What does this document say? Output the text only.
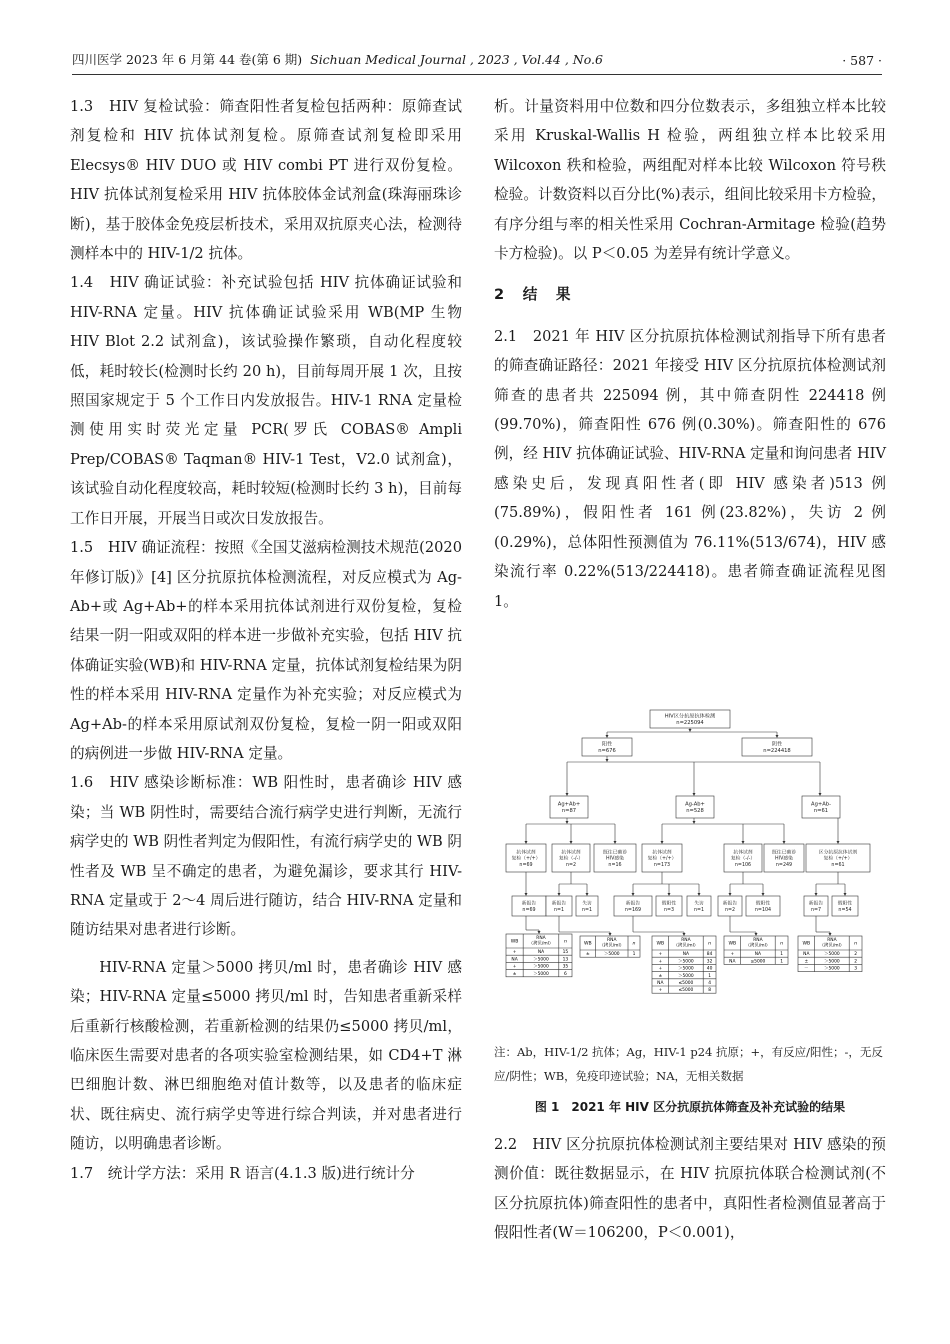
四川医学 2023 年 6 月第 44 卷(第 6 期) Sichuan Medical Journal , 2023 , Vol.44 , No.6	· 587 ·

1.3　HIV 复检试验：筛查阳性者复检包括两种：原筛查试剂复检和 HIV 抗体试剂复检。原筛查试剂复检即采用 Elecsys® HIV DUO 或 HIV combi PT 进行双份复检。HIV 抗体试剂复检采用 HIV 抗体胶体金试剂盒(珠海丽珠诊断)，基于胶体金免疫层析技术，采用双抗原夹心法，检测待测样本中的 HIV-1/2 抗体。

1.4　HIV 确证试验：补充试验包括 HIV 抗体确证试验和 HIV-RNA 定量。HIV 抗体确证试验采用 WB(MP 生物 HIV Blot 2.2 试剂盒)，该试验操作繁琐，自动化程度较低，耗时较长(检测时长约 20 h)，目前每周开展 1 次，且按照国家规定于 5 个工作日内发放报告。HIV-1 RNA 定量检测使用实时荧光定量 PCR(罗氏 COBAS® Ampli Prep/COBAS® Taqman® HIV-1 Test，V2.0 试剂盒)，该试验自动化程度较高，耗时较短(检测时长约 3 h)，目前每工作日开展，开展当日或次日发放报告。

1.5　HIV 确证流程：按照《全国艾滋病检测技术规范(2020 年修订版)》[4] 区分抗原抗体检测流程，对反应模式为 Ag-Ab+或 Ag+Ab+的样本采用抗体试剂进行双份复检，复检结果一阴一阳或双阳的样本进一步做补充实验，包括 HIV 抗体确证实验(WB)和 HIV-RNA 定量，抗体试剂复检结果为阴性的样本采用 HIV-RNA 定量作为补充实验；对反应模式为 Ag+Ab-的样本采用原试剂双份复检，复检一阴一阳或双阳的病例进一步做 HIV-RNA 定量。

1.6　HIV 感染诊断标准：WB 阳性时，患者确诊 HIV 感染；当 WB 阴性时，需要结合流行病学史进行判断，无流行病学史的 WB 阴性者判定为假阳性，有流行病学史的 WB 阴性者及 WB 呈不确定的患者，为避免漏诊，要求其行 HIV-RNA 定量或于 2～4 周后进行随访，结合 HIV-RNA 定量和随访结果对患者进行诊断。

HIV-RNA 定量＞5000 拷贝/ml 时，患者确诊 HIV 感染；HIV-RNA 定量≤5000 拷贝/ml 时，告知患者重新采样后重新行核酸检测，若重新检测的结果仍≤5000 拷贝/ml，临床医生需要对患者的各项实验室检测结果，如 CD4+T 淋巴细胞计数、淋巴细胞绝对值计数等，以及患者的临床症状、既往病史、流行病学史等进行综合判读，并对患者进行随访，以明确患者诊断。

1.7　统计学方法：采用 R 语言(4.1.3 版)进行统计分

析。计量资料用中位数和四分位数表示，多组独立样本比较采用 Kruskal-Wallis H 检验，两组独立样本比较采用 Wilcoxon 秩和检验，两组配对样本比较 Wilcoxon 符号秩检验。计数资料以百分比(%)表示，组间比较采用卡方检验，有序分组与率的相关性采用 Cochran-Armitage 检验(趋势卡方检验)。以 P＜0.05 为差异有统计学意义。

2　结　果

2.1　2021 年 HIV 区分抗原抗体检测试剂指导下所有患者的筛查确证路径：2021 年接受 HIV 区分抗原抗体检测试剂筛查的患者共 225094 例，其中筛查阴性 224418 例(99.70%)，筛查阳性 676 例(0.30%)。筛查阳性的 676 例，经 HIV 抗体确证试验、HIV-RNA 定量和询问患者 HIV 感染史后，发现真阳性者(即 HIV 感染者)513 例(75.89%)，假阳性者 161 例(23.82%)，失访 2 例(0.29%)，总体阳性预测值为 76.11%(513/674)，HIV 感染流行率 0.22%(513/224418)。患者筛查确证流程见图 1。

HIV区分抗原抗体检测
n=225094
阳性
n=676
阴性
n=224418
Ag+Ab+
n=87
Ag-Ab+
n=528
Ag+Ab-
n=61
抗体试剂
复检（+/+）
n=69
抗体试剂
复检（-/-）
n=2
既往已确诊
HIV感染
n=16
抗体试剂
复检（+/+）
n=173
抗体试剂
复检（-/-）
n=106
既往已确诊
HIV感染
n=249
区分抗原抗体试剂
复检（+/+）
n=61
新报告
n=69
新报告
n=1
失访
n=1
新报告
n=169
假阳性
n=3
失访
n=1
新报告
n=2
假阳性
n=104
新报告
n=7
假阳性
n=54
WB
RNA
（拷贝/ml） n
+	NA	15
NA	＞5000	13
+	＞5000	35
±	＞5000	6
WB
RNA
（拷贝/ml） n
±	＞5000	1
WB
RNA
（拷贝/ml） n
+	NA	84
+	＞5000	32
+	＞5000	40
±	＞5000	1
NA	≤5000	4
+	≤5000	8
WB
RNA
（拷贝/ml） n
+	NA	1
NA	≤5000	1
WB
RNA
（拷贝/ml） n
NA	＞5000	2
±	＞5000	2
－	＞5000	3
注：Ab，HIV-1/2 抗体；Ag，HIV-1 p24 抗原；+，有反应/阳性；-，无反应/阴性；WB，免疫印迹试验；NA，无相关数据
图 1　2021 年 HIV 区分抗原抗体筛查及补充试验的结果

2.2　HIV 区分抗原抗体检测试剂主要结果对 HIV 感染的预测价值：既往数据显示，在 HIV 抗原抗体联合检测试剂(不区分抗原抗体)筛查阳性的患者中，真阳性者检测值显著高于假阳性者(W＝106200，P＜0.001)，
